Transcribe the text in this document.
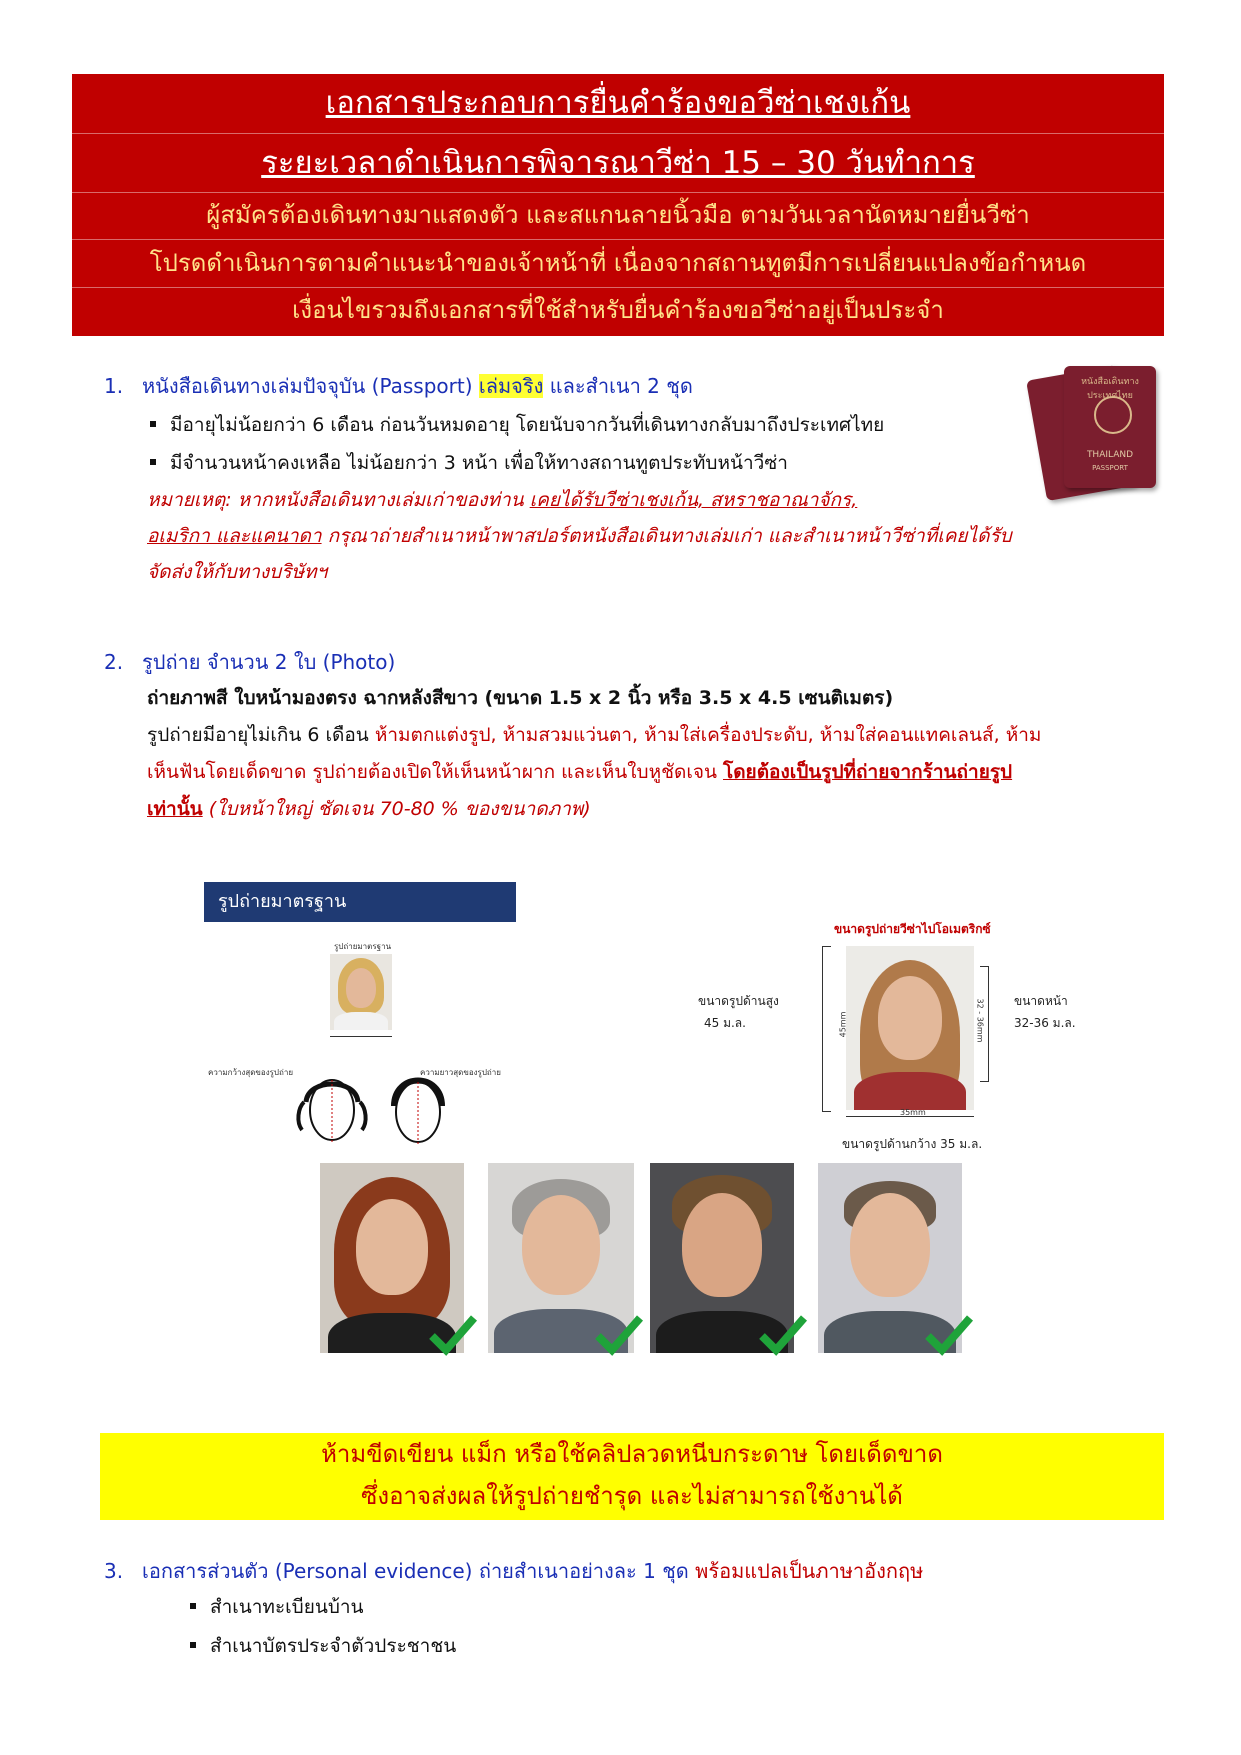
เอกสารประกอบการยื่นคำร้องขอวีซ่าเชงเก้น
ระยะเวลาดำเนินการพิจารณาวีซ่า 15 – 30 วันทำการ
ผู้สมัครต้องเดินทางมาแสดงตัว และสแกนลายนิ้วมือ ตามวันเวลานัดหมายยื่นวีซ่า
โปรดดำเนินการตามคำแนะนำของเจ้าหน้าที่ เนื่องจากสถานทูตมีการเปลี่ยนแปลงข้อกำหนด
เงื่อนไขรวมถึงเอกสารที่ใช้สำหรับยื่นคำร้องขอวีซ่าอยู่เป็นประจำ
1. หนังสือเดินทางเล่มปัจจุบัน (Passport) เล่มจริง และสำเนา 2 ชุด
มีอายุไม่น้อยกว่า 6 เดือน ก่อนวันหมดอายุ โดยนับจากวันที่เดินทางกลับมาถึงประเทศไทย
มีจำนวนหน้าคงเหลือ ไม่น้อยกว่า 3 หน้า เพื่อให้ทางสถานทูตประทับหน้าวีซ่า
หมายเหตุ: หากหนังสือเดินทางเล่มเก่าของท่าน เคยได้รับวีซ่าเชงเก้น, สหราชอาณาจักร,
อเมริกา และแคนาดา กรุณาถ่ายสำเนาหน้าพาสปอร์ตหนังสือเดินทางเล่มเก่า และสำเนาหน้าวีซ่าที่เคยได้รับ
จัดส่งให้กับทางบริษัทฯ
หนังสือเดินทาง ประเทศไทย
THAILAND
PASSPORT
2. รูปถ่าย จำนวน 2 ใบ (Photo)
ถ่ายภาพสี ใบหน้ามองตรง ฉากหลังสีขาว (ขนาด 1.5 x 2 นิ้ว หรือ 3.5 x 4.5 เซนติเมตร)
รูปถ่ายมีอายุไม่เกิน 6 เดือน ห้ามตกแต่งรูป, ห้ามสวมแว่นตา, ห้ามใส่เครื่องประดับ, ห้ามใส่คอนแทคเลนส์, ห้าม
เห็นฟันโดยเด็ดขาด รูปถ่ายต้องเปิดให้เห็นหน้าผาก และเห็นใบหูชัดเจน โดยต้องเป็นรูปที่ถ่ายจากร้านถ่ายรูป
เท่านั้น (ใบหน้าใหญ่ ชัดเจน 70-80 % ของขนาดภาพ)
รูปถ่ายมาตรฐาน
รูปถ่ายมาตรฐาน
ความกว้างสุดของรูปถ่าย	ความยาวสุดของรูปถ่าย
ขนาดรูปถ่ายวีซ่าไปโอเมตริกซ์
ขนาดรูปด้านสูง
45 ม.ล.
ขนาดหน้า
32-36 ม.ล.
ขนาดรูปด้านกว้าง 35 ม.ล.
45mm	32 - 36mm
35mm
ห้ามขีดเขียน แม็ก หรือใช้คลิปลวดหนีบกระดาษ โดยเด็ดขาด
ซึ่งอาจส่งผลให้รูปถ่ายชำรุด และไม่สามารถใช้งานได้
3. เอกสารส่วนตัว (Personal evidence) ถ่ายสำเนาอย่างละ 1 ชุด พร้อมแปลเป็นภาษาอังกฤษ
สำเนาทะเบียนบ้าน
สำเนาบัตรประจำตัวประชาชน
